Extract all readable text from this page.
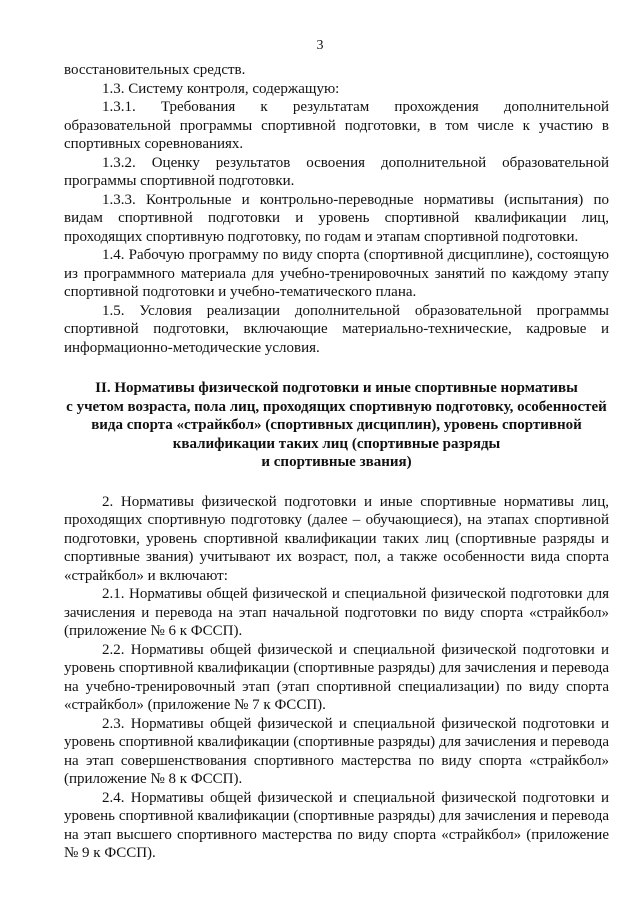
3

восстановительных средств.

1.3. Систему контроля, содержащую:

1.3.1. Требования к результатам прохождения дополнительной образовательной программы спортивной подготовки, в том числе к участию в спортивных соревнованиях.

1.3.2. Оценку результатов освоения дополнительной образовательной программы спортивной подготовки.

1.3.3. Контрольные и контрольно-переводные нормативы (испытания) по видам спортивной подготовки и уровень спортивной квалификации лиц, проходящих спортивную подготовку, по годам и этапам спортивной подготовки.

1.4. Рабочую программу по виду спорта (спортивной дисциплине), состоящую из программного материала для учебно-тренировочных занятий по каждому этапу спортивной подготовки и учебно-тематического плана.

1.5. Условия реализации дополнительной образовательной программы спортивной подготовки, включающие материально-технические, кадровые и информационно-методические условия.

II. Нормативы физической подготовки и иные спортивные нормативы
с учетом возраста, пола лиц, проходящих спортивную подготовку, особенностей
вида спорта «страйкбол» (спортивных дисциплин), уровень спортивной
квалификации таких лиц (спортивные разряды
и спортивные звания)

2. Нормативы физической подготовки и иные спортивные нормативы лиц, проходящих спортивную подготовку (далее – обучающиеся), на этапах спортивной подготовки, уровень спортивной квалификации таких лиц (спортивные разряды и спортивные звания) учитывают их возраст, пол, а также особенности вида спорта «страйкбол» и включают:

2.1. Нормативы общей физической и специальной физической подготовки для зачисления и перевода на этап начальной подготовки по виду спорта «страйкбол» (приложение № 6 к ФССП).

2.2. Нормативы общей физической и специальной физической подготовки и уровень спортивной квалификации (спортивные разряды) для зачисления и перевода на учебно-тренировочный этап (этап спортивной специализации) по виду спорта «страйкбол» (приложение № 7 к ФССП).

2.3. Нормативы общей физической и специальной физической подготовки и уровень спортивной квалификации (спортивные разряды) для зачисления и перевода на этап совершенствования спортивного мастерства по виду спорта «страйкбол» (приложение № 8 к ФССП).

2.4. Нормативы общей физической и специальной физической подготовки и уровень спортивной квалификации (спортивные разряды) для зачисления и перевода на этап высшего спортивного мастерства по виду спорта «страйкбол» (приложение № 9 к ФССП).
